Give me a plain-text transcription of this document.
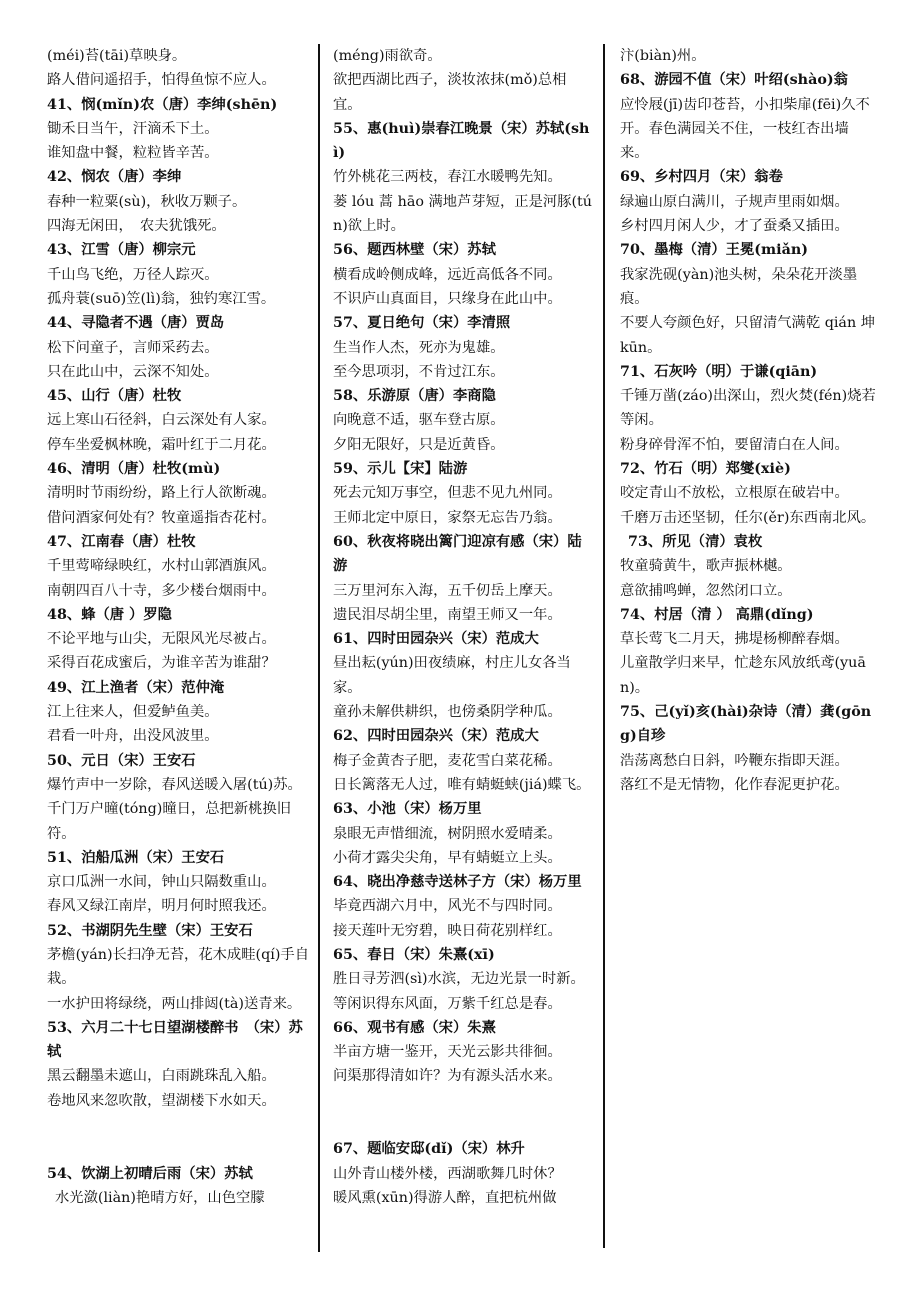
(méi)苔(tāi)草映身。
路人借问遥招手，怕得鱼惊不应人。
41、悯(mǐn)农（唐）李绅(shēn)
锄禾日当午，汗滴禾下土。
谁知盘中餐，粒粒皆辛苦。
42、悯农（唐）李绅
春种一粒粟(sù)，秋收万颗子。
四海无闲田，　农夫犹饿死。
43、江雪（唐）柳宗元
千山鸟飞绝，万径人踪灭。
孤舟蓑(suō)笠(lì)翁，独钓寒江雪。
44、寻隐者不遇（唐）贾岛
松下问童子，言师采药去。
只在此山中，云深不知处。
45、山行（唐）杜牧
远上寒山石径斜，白云深处有人家。
停车坐爱枫林晚，霜叶红于二月花。
46、清明（唐）杜牧(mù)
清明时节雨纷纷，路上行人欲断魂。
借问酒家何处有？牧童遥指杏花村。
47、江南春（唐）杜牧
千里莺啼绿映红，水村山郭酒旗风。
南朝四百八十寺，多少楼台烟雨中。
48、蜂（唐 ）罗隐
不论平地与山尖，无限风光尽被占。
采得百花成蜜后，为谁辛苦为谁甜？
49、江上渔者（宋）范仲淹
江上往来人，但爱鲈鱼美。
君看一叶舟，出没风波里。
50、元日（宋）王安石
爆竹声中一岁除，春风送暖入屠(tú)苏。
千门万户曈(tóng)曈日，总把新桃换旧符。
51、泊船瓜洲（宋）王安石
京口瓜洲一水间，钟山只隔数重山。
春风又绿江南岸，明月何时照我还。
52、书湖阴先生壁（宋）王安石
茅檐(yán)长扫净无苔，花木成畦(qí)手自栽。
一水护田将绿绕，两山排闼(tà)送青来。
53、六月二十七日望湖楼醉书　（宋）苏轼
黑云翻墨未遮山，白雨跳珠乱入船。
卷地风来忽吹散，望湖楼下水如天。
54、饮湖上初晴后雨（宋）苏轼
水光潋(liàn)艳晴方好，山色空朦
(méng)雨欲奇。
欲把西湖比西子，淡妆浓抹(mǒ)总相宜。
55、惠(huì)崇春江晚景（宋）苏轼(shì)
竹外桃花三两枝，春江水暖鸭先知。
蒌 lóu 蒿 hāo 满地芦芽短，正是河豚(tún)欲上时。
56、题西林壁（宋）苏轼
横看成岭侧成峰，远近高低各不同。
不识庐山真面目，只缘身在此山中。
57、夏日绝句（宋）李清照
生当作人杰，死亦为鬼雄。
至今思项羽，不肯过江东。
58、乐游原（唐）李商隐
向晚意不适，驱车登古原。
夕阳无限好，只是近黄昏。
59、示儿【宋】陆游
死去元知万事空，但悲不见九州同。
王师北定中原日，家祭无忘告乃翁。
60、秋夜将晓出篱门迎凉有感（宋）陆游
三万里河东入海，五千仞岳上摩天。
遗民泪尽胡尘里，南望王师又一年。
61、四时田园杂兴（宋）范成大
昼出耘(yún)田夜绩麻，村庄儿女各当家。
童孙未解供耕织，也傍桑阴学种瓜。
62、四时田园杂兴（宋）范成大
梅子金黄杏子肥，麦花雪白菜花稀。
日长篱落无人过，唯有蜻蜓蛱(jiá)蝶飞。
63、小池（宋）杨万里
泉眼无声惜细流，树阴照水爱晴柔。
小荷才露尖尖角，早有蜻蜓立上头。
64、晓出净慈寺送林子方（宋）杨万里
毕竟西湖六月中，风光不与四时同。
接天莲叶无穷碧，映日荷花别样红。
65、春日（宋）朱熹(xī)
胜日寻芳泗(sì)水滨，无边光景一时新。
等闲识得东风面，万紫千红总是春。
66、观书有感（宋）朱熹
半亩方塘一鉴开，天光云影共徘徊。
问渠那得清如许？为有源头活水来。
67、题临安邸(dǐ)（宋）林升
山外青山楼外楼，西湖歌舞几时休？
暖风熏(xūn)得游人醉，直把杭州做
汴(biàn)州。
68、游园不值（宋）叶绍(shào)翁
应怜屐(jī)齿印苍苔，小扣柴扉(fēi)久不开。春色满园关不住，一枝红杏出墙来。
69、乡村四月（宋）翁卷
绿遍山原白满川，子规声里雨如烟。
乡村四月闲人少，才了蚕桑又插田。
70、墨梅（清）王冕(miǎn)
我家洗砚(yàn)池头树，朵朵花开淡墨痕。
不要人夸颜色好，只留清气满乾 qián 坤 kūn。
71、石灰吟（明）于谦(qiān)
千锤万凿(záo)出深山，烈火焚(fén)烧若等闲。
粉身碎骨浑不怕，要留清白在人间。
72、竹石（明）郑燮(xiè)
咬定青山不放松，立根原在破岩中。
千磨万击还坚韧，任尔(ěr)东西南北风。
73、所见（清）袁枚
牧童骑黄牛，歌声振林樾。
意欲捕鸣蝉，忽然闭口立。
74、村居（清 ） 高鼎(dǐng)
草长莺飞二月天，拂堤杨柳醉春烟。
儿童散学归来早，忙趁东风放纸鸢(yuān)。
75、己(yǐ)亥(hài)杂诗（清）龚(gōng)自珍
浩荡离愁白日斜，吟鞭东指即天涯。
落红不是无情物，化作春泥更护花。
